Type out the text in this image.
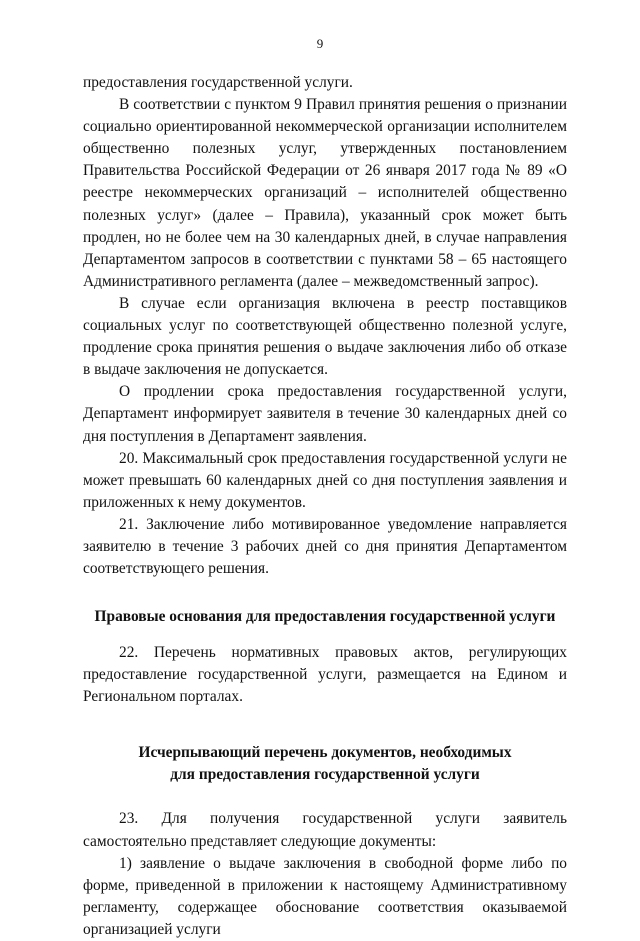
9

предоставления государственной услуги.

В соответствии с пунктом 9 Правил принятия решения о признании социально ориентированной некоммерческой организации исполнителем общественно полезных услуг, утвержденных постановлением Правительства Российской Федерации от 26 января 2017 года № 89 «О реестре некоммерческих организаций – исполнителей общественно полезных услуг» (далее – Правила), указанный срок может быть продлен, но не более чем на 30 календарных дней, в случае направления Департаментом запросов в соответствии с пунктами 58 – 65 настоящего Административного регламента (далее – межведомственный запрос).

В случае если организация включена в реестр поставщиков социальных услуг по соответствующей общественно полезной услуге, продление срока принятия решения о выдаче заключения либо об отказе в выдаче заключения не допускается.

О продлении срока предоставления государственной услуги, Департамент информирует заявителя в течение 30 календарных дней со дня поступления в Департамент заявления.

20. Максимальный срок предоставления государственной услуги не может превышать 60 календарных дней со дня поступления заявления и приложенных к нему документов.

21. Заключение либо мотивированное уведомление направляется заявителю в течение 3 рабочих дней со дня принятия Департаментом соответствующего решения.

Правовые основания для предоставления государственной услуги

22. Перечень нормативных правовых актов, регулирующих предоставление государственной услуги, размещается на Едином и Региональном порталах.

Исчерпывающий перечень документов, необходимых
для предоставления государственной услуги

23. Для получения государственной услуги заявитель самостоятельно представляет следующие документы:

1) заявление о выдаче заключения в свободной форме либо по форме, приведенной в приложении к настоящему Административному регламенту, содержащее обоснование соответствия оказываемой организацией услуги
